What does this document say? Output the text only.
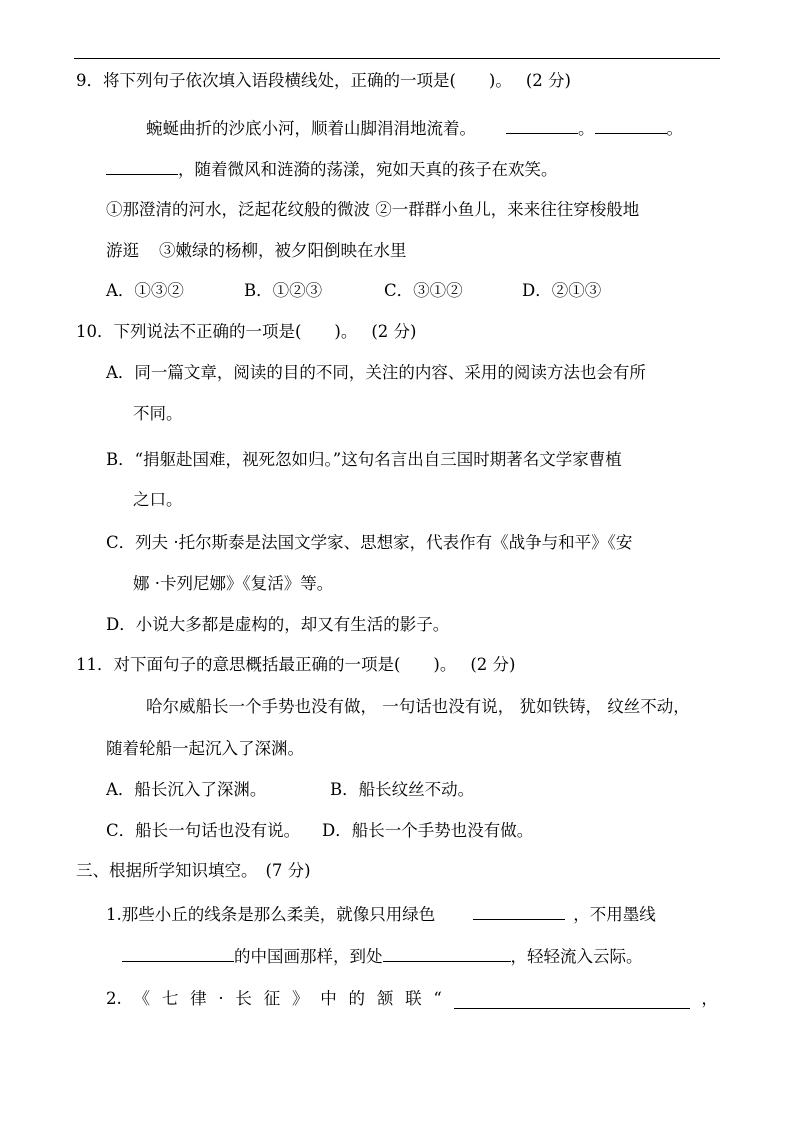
9．将下列句子依次填入语段横线处，正确的一项是(　　)。 (2 分)
蜿蜒曲折的沙底小河，顺着山脚涓涓地流着。	。	。
，随着微风和涟漪的荡漾，宛如天真的孩子在欢笑。
①那澄清的河水，泛起花纹般的微波 ②一群群小鱼儿，来来往往穿梭般地
游逛 ③嫩绿的杨柳，被夕阳倒映在水里
A．①③②	B．①②③	C．③①②	D．②①③
10．下列说法不正确的一项是(　　)。 (2 分)
A．同一篇文章，阅读的目的不同，关注的内容、采用的阅读方法也会有所
不同。
B．“捐躯赴国难，视死忽如归。”这句名言出自三国时期著名文学家曹植
之口。
C．列夫 ·托尔斯泰是法国文学家、思想家，代表作有《战争与和平》《安
娜 ·卡列尼娜》《复活》等。
D．小说大多都是虚构的，却又有生活的影子。
11．对下面句子的意思概括最正确的一项是(　　)。 (2 分)
哈尔威船长一个手势也没有做， 一句话也没有说， 犹如铁铸， 纹丝不动，
随着轮船一起沉入了深渊。
A．船长沉入了深渊。	B．船长纹丝不动。
C．船长一句话也没有说。 D．船长一个手势也没有做。
三、根据所学知识填空。 (7 分)
1.那些小丘的线条是那么柔美，就像只用绿色	，不用墨线
的中国画那样，到处	，轻轻流入云际。
2. 《 七 律 · 长 征 》 中 的 颔 联 “	，
